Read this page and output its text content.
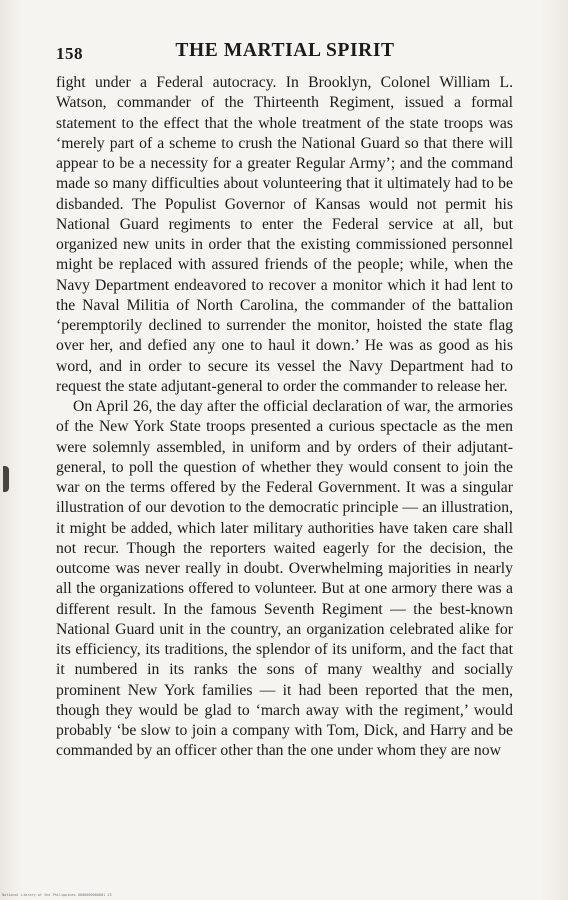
158	THE MARTIAL SPIRIT

fight under a Federal autocracy. In Brooklyn, Colonel William L. Watson, commander of the Thirteenth Regiment, issued a formal statement to the effect that the whole treatment of the state troops was ‘merely part of a scheme to crush the National Guard so that there will appear to be a necessity for a greater Regular Army’; and the command made so many difficulties about volunteering that it ultimately had to be disbanded. The Populist Governor of Kansas would not permit his National Guard regiments to enter the Federal service at all, but organized new units in order that the existing commissioned personnel might be replaced with assured friends of the people; while, when the Navy Department endeavored to recover a monitor which it had lent to the Naval Militia of North Carolina, the commander of the battalion ‘peremptorily declined to surrender the monitor, hoisted the state flag over her, and defied any one to haul it down.’ He was as good as his word, and in order to secure its vessel the Navy Department had to request the state adjutant-general to order the commander to release her.

On April 26, the day after the official declaration of war, the armories of the New York State troops presented a curious spectacle as the men were solemnly assembled, in uniform and by orders of their adjutant-general, to poll the question of whether they would consent to join the war on the terms offered by the Federal Government. It was a singular illustration of our devotion to the democratic principle — an illustration, it might be added, which later military authorities have taken care shall not recur. Though the reporters waited eagerly for the decision, the outcome was never really in doubt. Overwhelming majorities in nearly all the organizations offered to volunteer. But at one armory there was a different result. In the famous Seventh Regiment — the best-known National Guard unit in the country, an organization celebrated alike for its efficiency, its traditions, the splendor of its uniform, and the fact that it numbered in its ranks the sons of many wealthy and socially prominent New York families — it had been reported that the men, though they would be glad to ‘march away with the regiment,’ would probably ‘be slow to join a company with Tom, Dick, and Harry and be commanded by an officer other than the one under whom they are now

National Library of the Philippines 0000000000001 23
